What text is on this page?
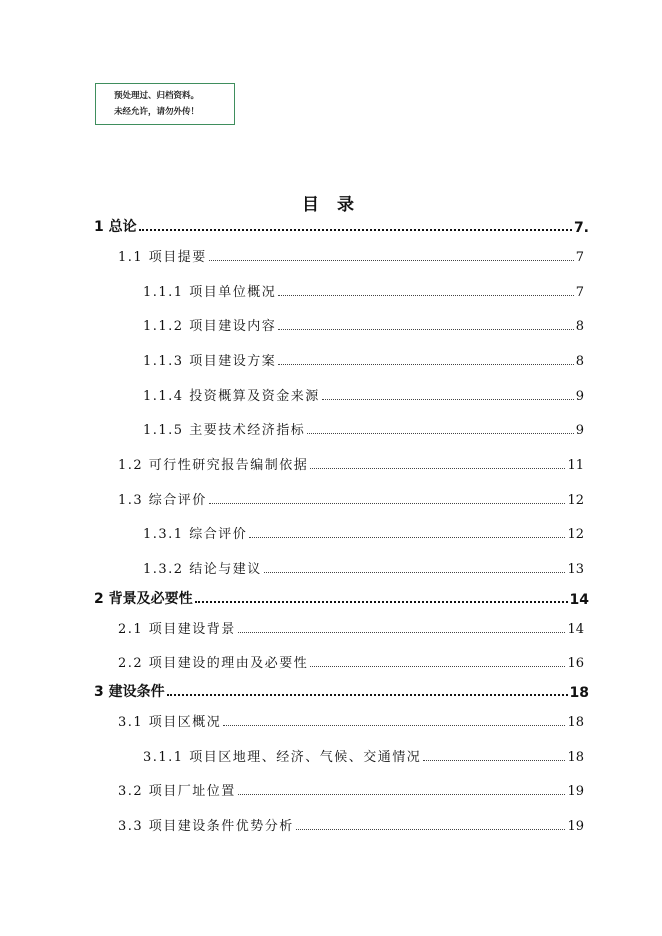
预处理过、归档资料。
未经允许，请勿外传！
目 录
1 总论	7.
1.1 项目提要	7
1.1.1 项目单位概况	7
1.1.2 项目建设内容	8
1.1.3 项目建设方案	8
1.1.4 投资概算及资金来源	9
1.1.5 主要技术经济指标	9
1.2 可行性研究报告编制依据	11
1.3 综合评价	12
1.3.1 综合评价	12
1.3.2 结论与建议	13
2 背景及必要性	14
2.1 项目建设背景	14
2.2 项目建设的理由及必要性	16
3 建设条件	18
3.1 项目区概况	18
3.1.1 项目区地理、经济、气候、交通情况	18
3.2 项目厂址位置	19
3.3 项目建设条件优势分析	19
